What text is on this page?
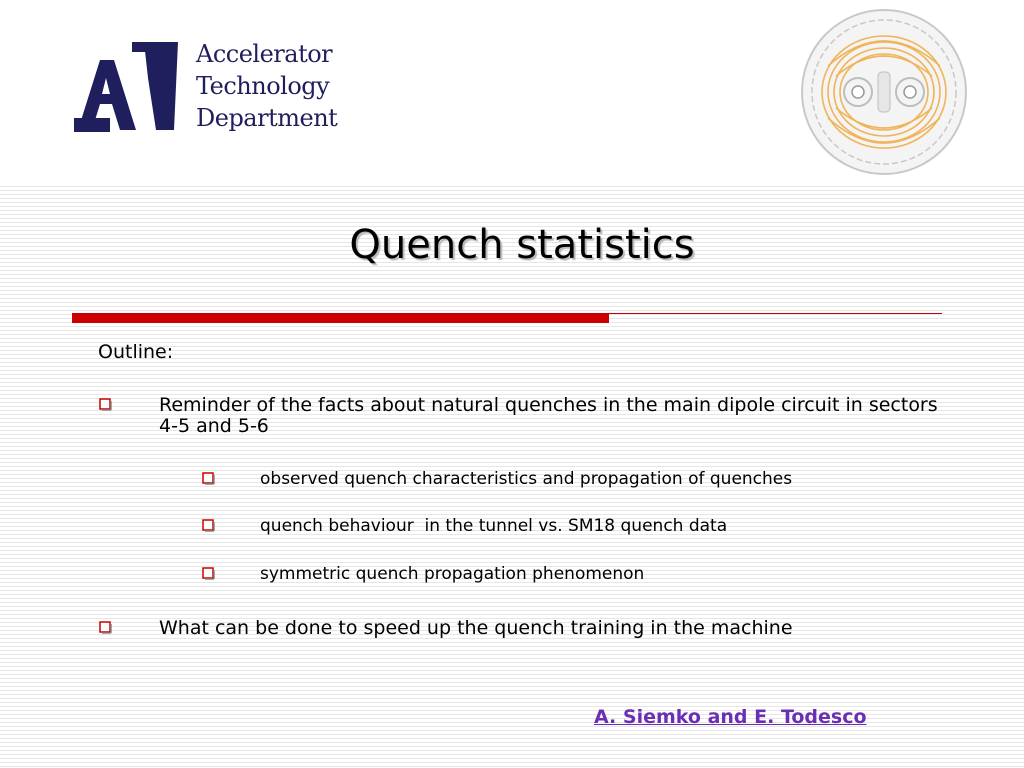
Accelerator
Technology
Department
Quench statistics
Outline:
Reminder of the facts about natural quenches in the main dipole circuit in sectors 4-5 and 5-6
observed quench characteristics and propagation of quenches
quench behaviour  in the tunnel vs. SM18 quench data
symmetric quench propagation phenomenon
What can be done to speed up the quench training in the machine
A. Siemko and E. Todesco
